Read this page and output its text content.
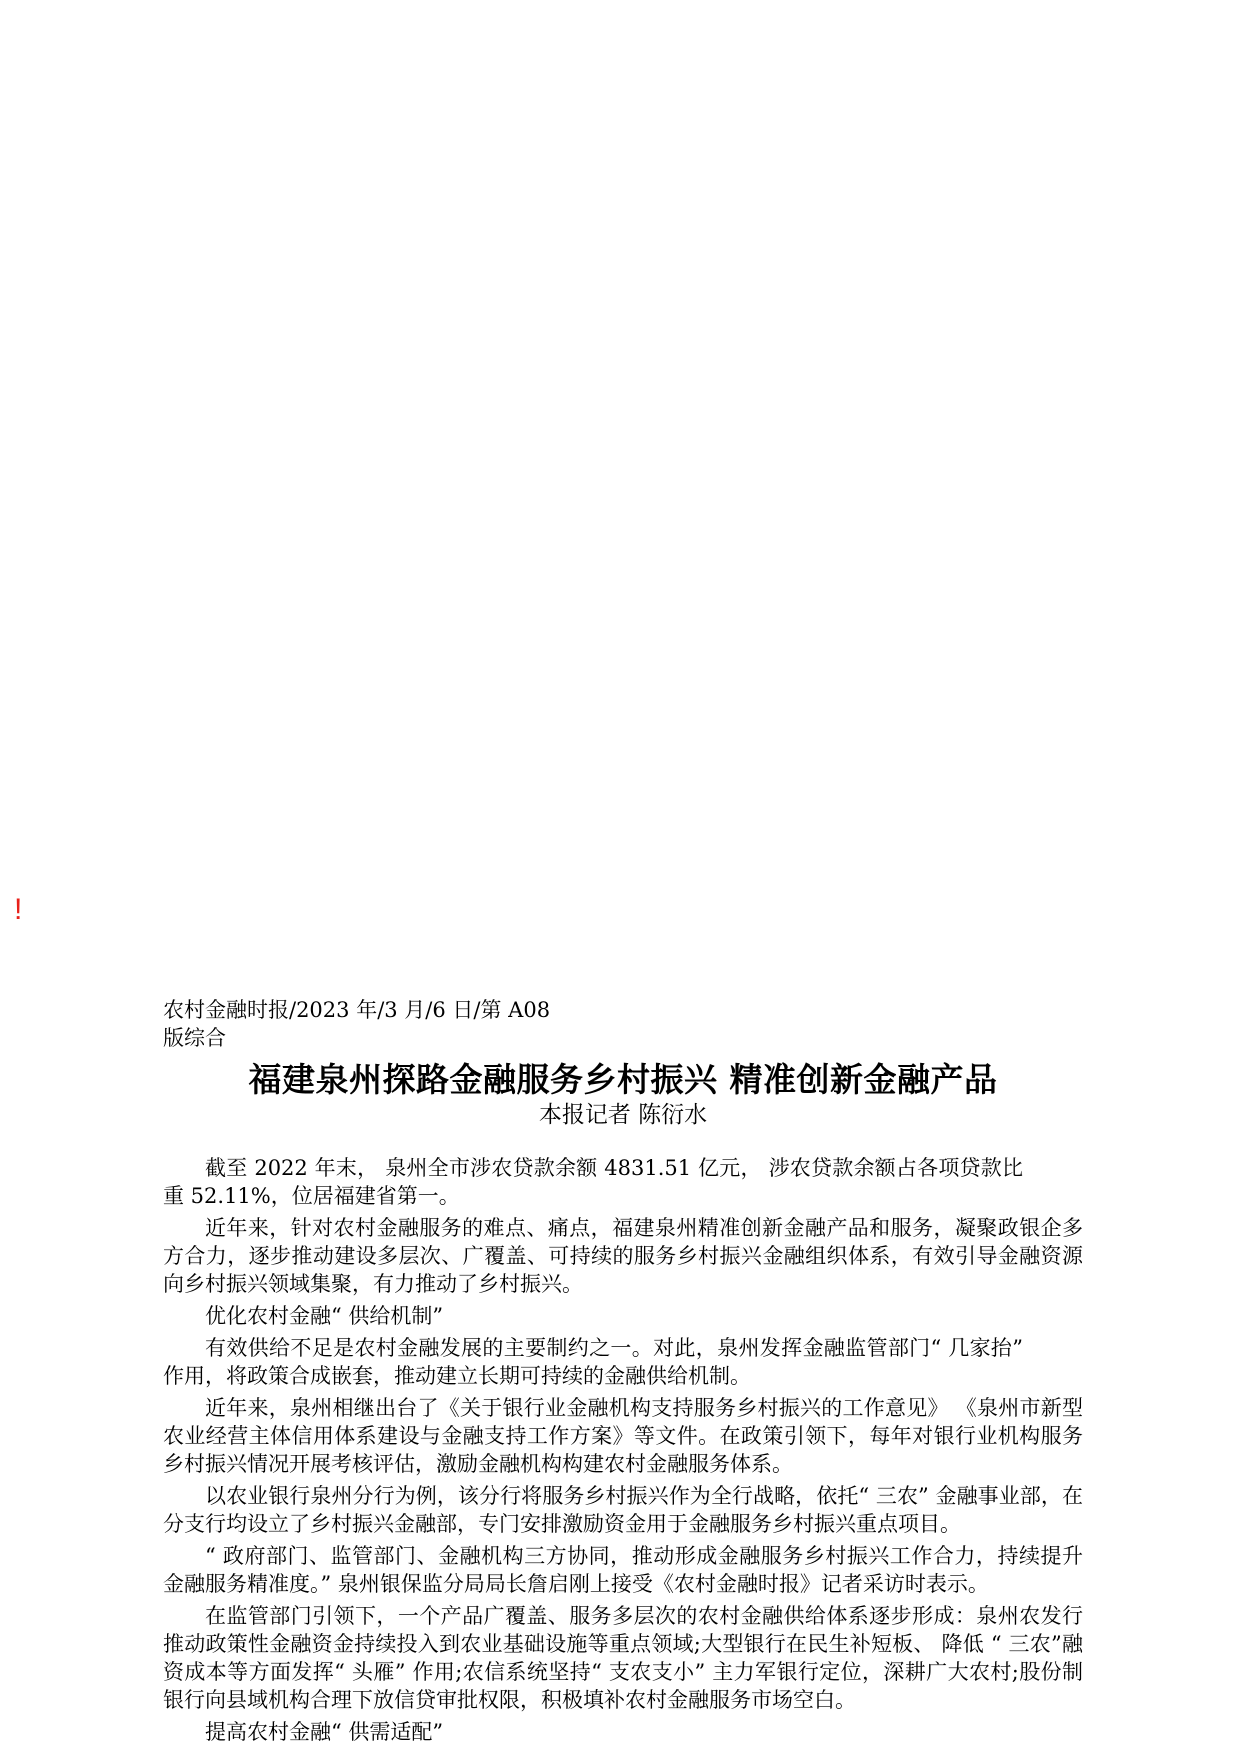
!

农村金融时报/2023 年/3 月/6 日/第 A08 版综合

福建泉州探路金融服务乡村振兴 精准创新金融产品

本报记者 陈衍水

截至 2022 年末， 泉州全市涉农贷款余额 4831.51 亿元， 涉农贷款余额占各项贷款比重 52.11%，位居福建省第一。

近年来，针对农村金融服务的难点、痛点，福建泉州精准创新金融产品和服务，凝聚政银企多方合力，逐步推动建设多层次、广覆盖、可持续的服务乡村振兴金融组织体系，有效引导金融资源向乡村振兴领域集聚，有力推动了乡村振兴。

优化农村金融“ 供给机制”

有效供给不足是农村金融发展的主要制约之一。对此，泉州发挥金融监管部门“ 几家抬” 作用，将政策合成嵌套，推动建立长期可持续的金融供给机制。

近年来，泉州相继出台了《关于银行业金融机构支持服务乡村振兴的工作意见》 《泉州市新型农业经营主体信用体系建设与金融支持工作方案》等文件。在政策引领下，每年对银行业机构服务乡村振兴情况开展考核评估，激励金融机构构建农村金融服务体系。

以农业银行泉州分行为例，该分行将服务乡村振兴作为全行战略，依托“ 三农” 金融事业部，在分支行均设立了乡村振兴金融部，专门安排激励资金用于金融服务乡村振兴重点项目。

“ 政府部门、监管部门、金融机构三方协同，推动形成金融服务乡村振兴工作合力，持续提升金融服务精准度。” 泉州银保监分局局长詹启刚上接受《农村金融时报》记者采访时表示。

在监管部门引领下，一个产品广覆盖、服务多层次的农村金融供给体系逐步形成：泉州农发行推动政策性金融资金持续投入到农业基础设施等重点领域;大型银行在民生补短板、 降低 “ 三农”融资成本等方面发挥“ 头雁” 作用;农信系统坚持“ 支农支小” 主力军银行定位，深耕广大农村;股份制银行向县域机构合理下放信贷审批权限，积极填补农村金融服务市场空白。

提高农村金融“ 供需适配”
